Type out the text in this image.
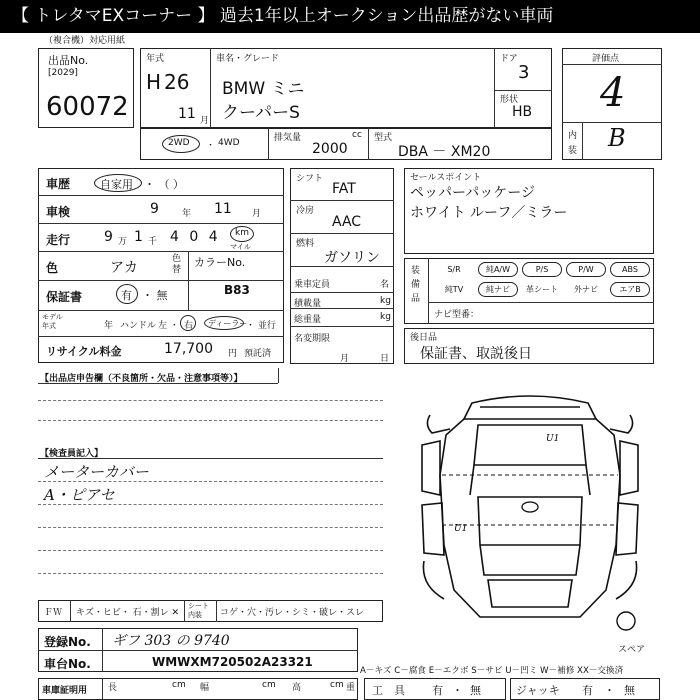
【 トレタマEXコーナー 】 過去1年以上オークション出品歴がない車両
（複合機）対応用紙
出品No.
[2029]
60072
年式
H 26
11 月
車名・グレード
BMW ミニ
クーパーS
ドア
3
形状
HB
評価点
4
内
装 B
2WD ・ 4WD	排気量	cc
2000
型式
DBA － XM20
車歴	自家用 ・ （ ）
車検	9	年 11 月
走行 9 万 1 千 4 0 4 km
マイル
色	アカ
色替
カラーNo.
B83
保証書	有 ・ 無
モデル年式	年 ハンドル 左 ・ 右 ディーラー
・ 並行
リサイクル料金	17,700 円 預託済
シフト
FAT
冷房
AAC
燃料
ガソリン
乗車定員	名
積載量	kg
総重量	kg
名変期限
月	日
セールスポイント
ペッパーパッケージ
ホワイト ルーフ／ミラー
装備品
S/R	純A/W	P/S	P/W	ABS
純TV	純ナビ	革シート	外ナビ	エアB
ナビ型番：
後日品
保証書、取説後日
【出品店申告欄（不良箇所・欠品・注意事項等）】
【検査員記入】
メーターカバー
A・ピアセ
U1
U1
スペア
ＦＷ キズ・ヒビ・ 石・割レ ✕
シート内装	コゲ・穴・汚レ・シミ・破レ・スレ
登録No. ギフ 303 の 9740
車台No.	WMWXM720502A23321
A－キズ C－腐食 E－エクボ S－サビ U－凹ミ W－補修 XX－交換済
車庫証明用 長	cm 幅	cm 高	cm 重 工　具 有 ・ 無	ジャッキ 有 ・ 無
